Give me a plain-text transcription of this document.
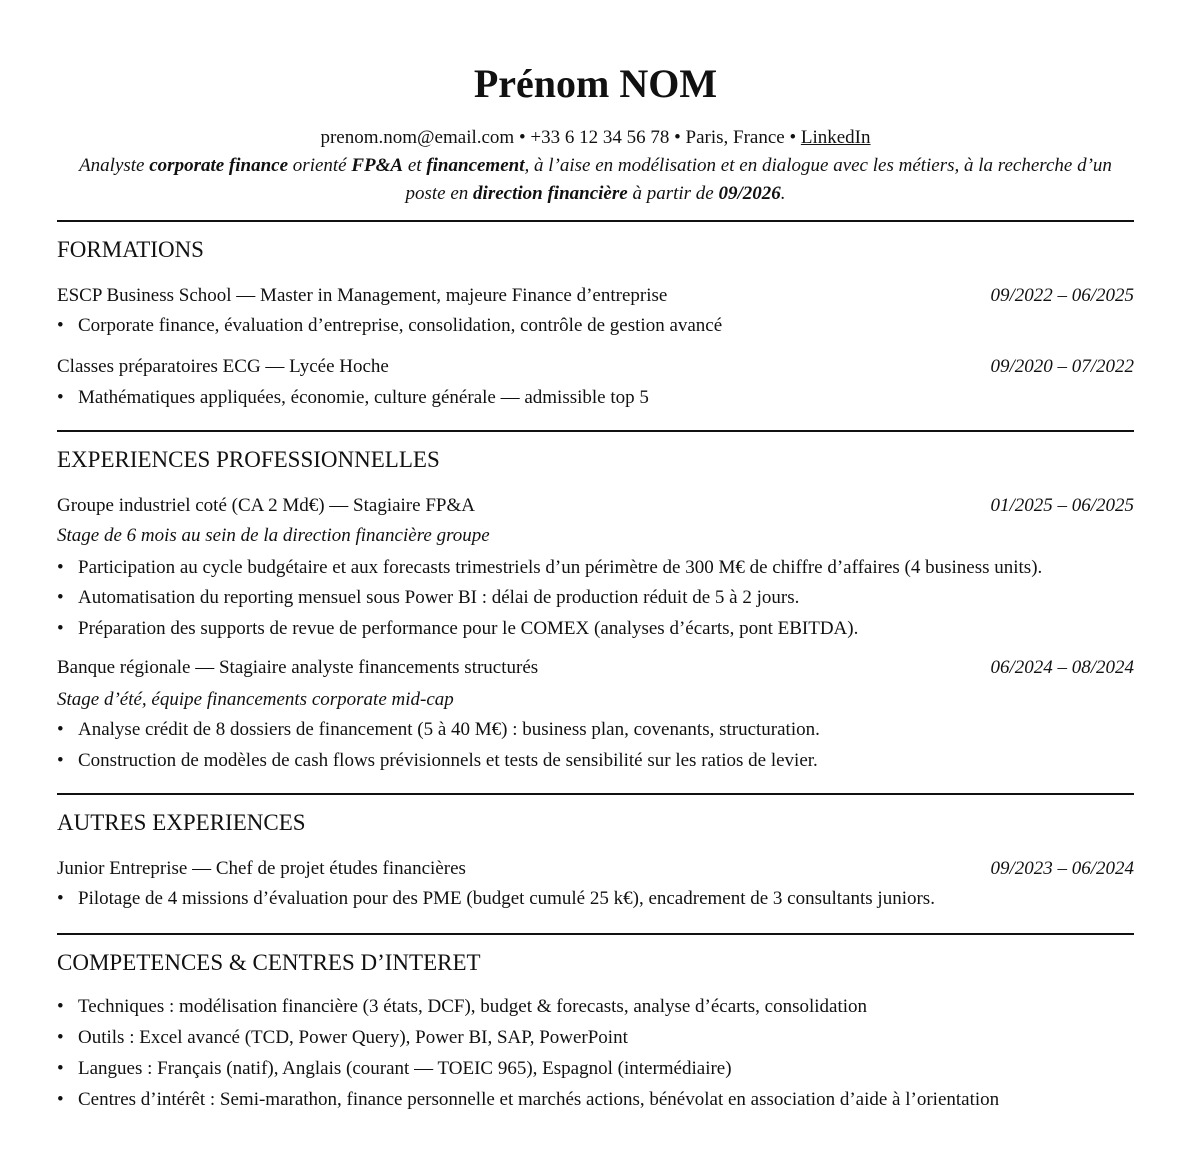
Prénom NOM
prenom.nom@email.com • +33 6 12 34 56 78 • Paris, France • LinkedIn
Analyste corporate finance orienté FP&A et financement, à l’aise en modélisation et en dialogue avec les métiers, à la recherche d’un poste en direction financière à partir de 09/2026.
FORMATIONS
ESCP Business School — Master in Management, majeure Finance d’entreprise	09/2022 – 06/2025
• Corporate finance, évaluation d’entreprise, consolidation, contrôle de gestion avancé
Classes préparatoires ECG — Lycée Hoche	09/2020 – 07/2022
• Mathématiques appliquées, économie, culture générale — admissible top 5
EXPERIENCES PROFESSIONNELLES
Groupe industriel coté (CA 2 Md€) — Stagiaire FP&A	01/2025 – 06/2025
Stage de 6 mois au sein de la direction financière groupe
• Participation au cycle budgétaire et aux forecasts trimestriels d’un périmètre de 300 M€ de chiffre d’affaires (4 business units).
• Automatisation du reporting mensuel sous Power BI : délai de production réduit de 5 à 2 jours.
• Préparation des supports de revue de performance pour le COMEX (analyses d’écarts, pont EBITDA).
Banque régionale — Stagiaire analyste financements structurés	06/2024 – 08/2024
Stage d’été, équipe financements corporate mid-cap
• Analyse crédit de 8 dossiers de financement (5 à 40 M€) : business plan, covenants, structuration.
• Construction de modèles de cash flows prévisionnels et tests de sensibilité sur les ratios de levier.
AUTRES EXPERIENCES
Junior Entreprise — Chef de projet études financières	09/2023 – 06/2024
• Pilotage de 4 missions d’évaluation pour des PME (budget cumulé 25 k€), encadrement de 3 consultants juniors.
COMPETENCES & CENTRES D’INTERET
• Techniques : modélisation financière (3 états, DCF), budget & forecasts, analyse d’écarts, consolidation
• Outils : Excel avancé (TCD, Power Query), Power BI, SAP, PowerPoint
• Langues : Français (natif), Anglais (courant — TOEIC 965), Espagnol (intermédiaire)
• Centres d’intérêt : Semi-marathon, finance personnelle et marchés actions, bénévolat en association d’aide à l’orientation
